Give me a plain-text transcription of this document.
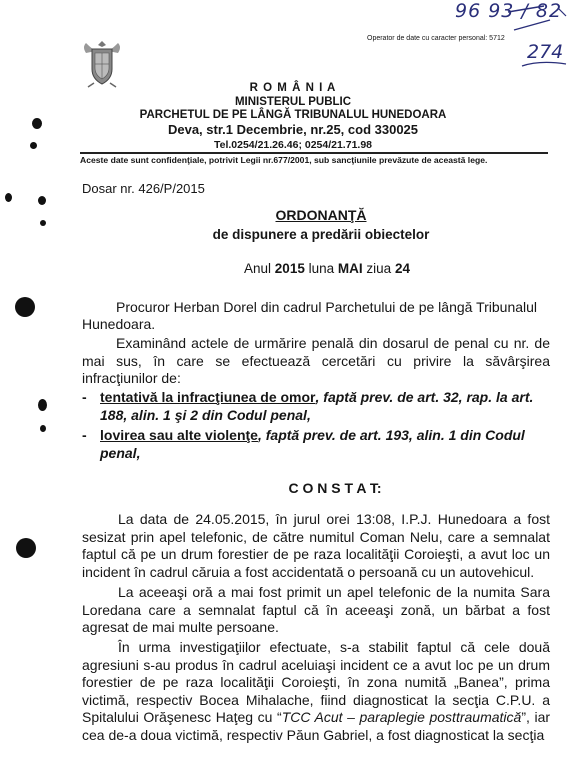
96 93 / 82
274
Operator de date cu caracter personal: 5712
R O M Â N I A
MINISTERUL PUBLIC
PARCHETUL DE PE LÂNGĂ TRIBUNALUL HUNEDOARA
Deva, str.1 Decembrie, nr.25, cod 330025
Tel.0254/21.26.46; 0254/21.71.98
Aceste date sunt confidenţiale, potrivit Legii nr.677/2001, sub sancţiunile prevăzute de această lege.
Dosar nr. 426/P/2015
ORDONANŢĂ
de dispunere a predării obiectelor
Anul 2015 luna MAI ziua 24
Procuror Herban Dorel din cadrul Parchetului de pe lângă Tribunalul
Hunedoara.
Examinând actele de urmărire penală din dosarul de penal cu nr. de mai sus, în care se efectuează cercetări cu privire la săvârşirea infracţiunilor de:
- tentativă la infracţiunea de omor, faptă prev. de art. 32, rap. la art. 188, alin. 1 şi 2 din Codul penal,
- lovirea sau alte violenţe, faptă prev. de art. 193, alin. 1 din Codul penal,
C O N S T A T:
La data de 24.05.2015, în jurul orei 13:08, I.P.J. Hunedoara a fost sesizat prin apel telefonic, de către numitul Coman Nelu, care a semnalat faptul că pe un drum forestier de pe raza localităţii Coroieşti, a avut loc un incident în cadrul căruia a fost accidentată o persoană cu un autovehicul.
La aceeaşi oră a mai fost primit un apel telefonic de la numita Sara Loredana care a semnalat faptul că în aceeaşi zonă, un bărbat a fost agresat de mai multe persoane.
În urma investigaţiilor efectuate, s-a stabilit faptul că cele două agresiuni s-au produs în cadrul aceluiaşi incident ce a avut loc pe un drum forestier de pe raza localităţii Coroieşti, în zona numită „Banea”, prima victimă, respectiv Bocea Mihalache, fiind diagnosticat la secţia C.P.U. a Spitalului Orăşenesc Haţeg cu “TCC Acut – paraplegie posttraumatică”, iar cea de-a doua victimă, respectiv Păun Gabriel, a fost diagnosticat la secţia
